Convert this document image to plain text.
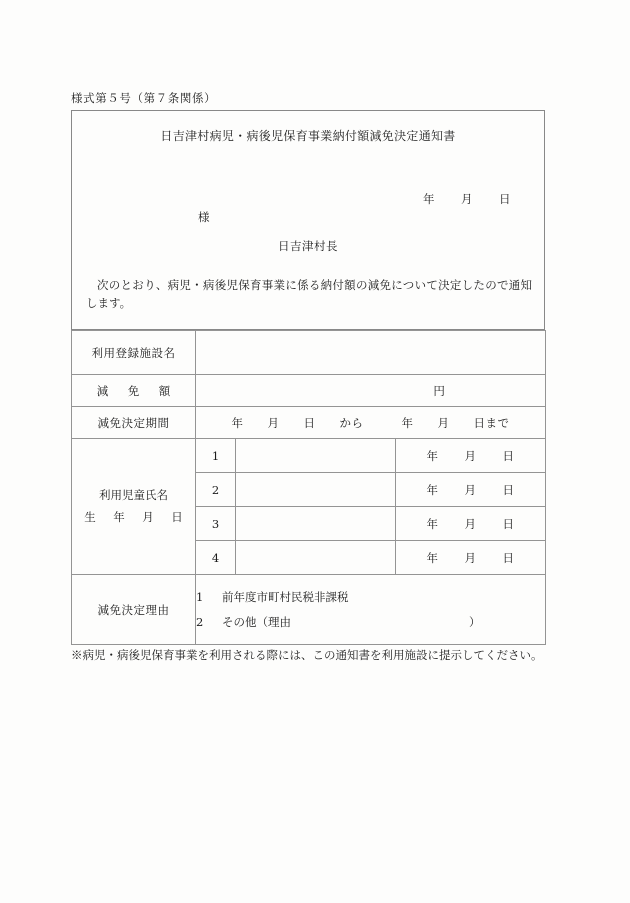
様式第５号（第７条関係）
日吉津村病児・病後児保育事業納付額減免決定通知書
年 月 日
様
日吉津村長
次のとおり、病児・病後児保育事業に係る納付額の減免について決定したので通知します。
利用登録施設名			
減　免　額	円		

減免決定期間	年 月 日 から 年 月 日まで		
利用児童氏名
生　年　月　日	1		年 月 日
	2		年 月 日
	3		年 月 日
	4		年 月 日
減免決定理由	1 前年度市町村民税非課税
2 その他（理由 ）		
※病児・病後児保育事業を利用される際には、この通知書を利用施設に提示してください。
